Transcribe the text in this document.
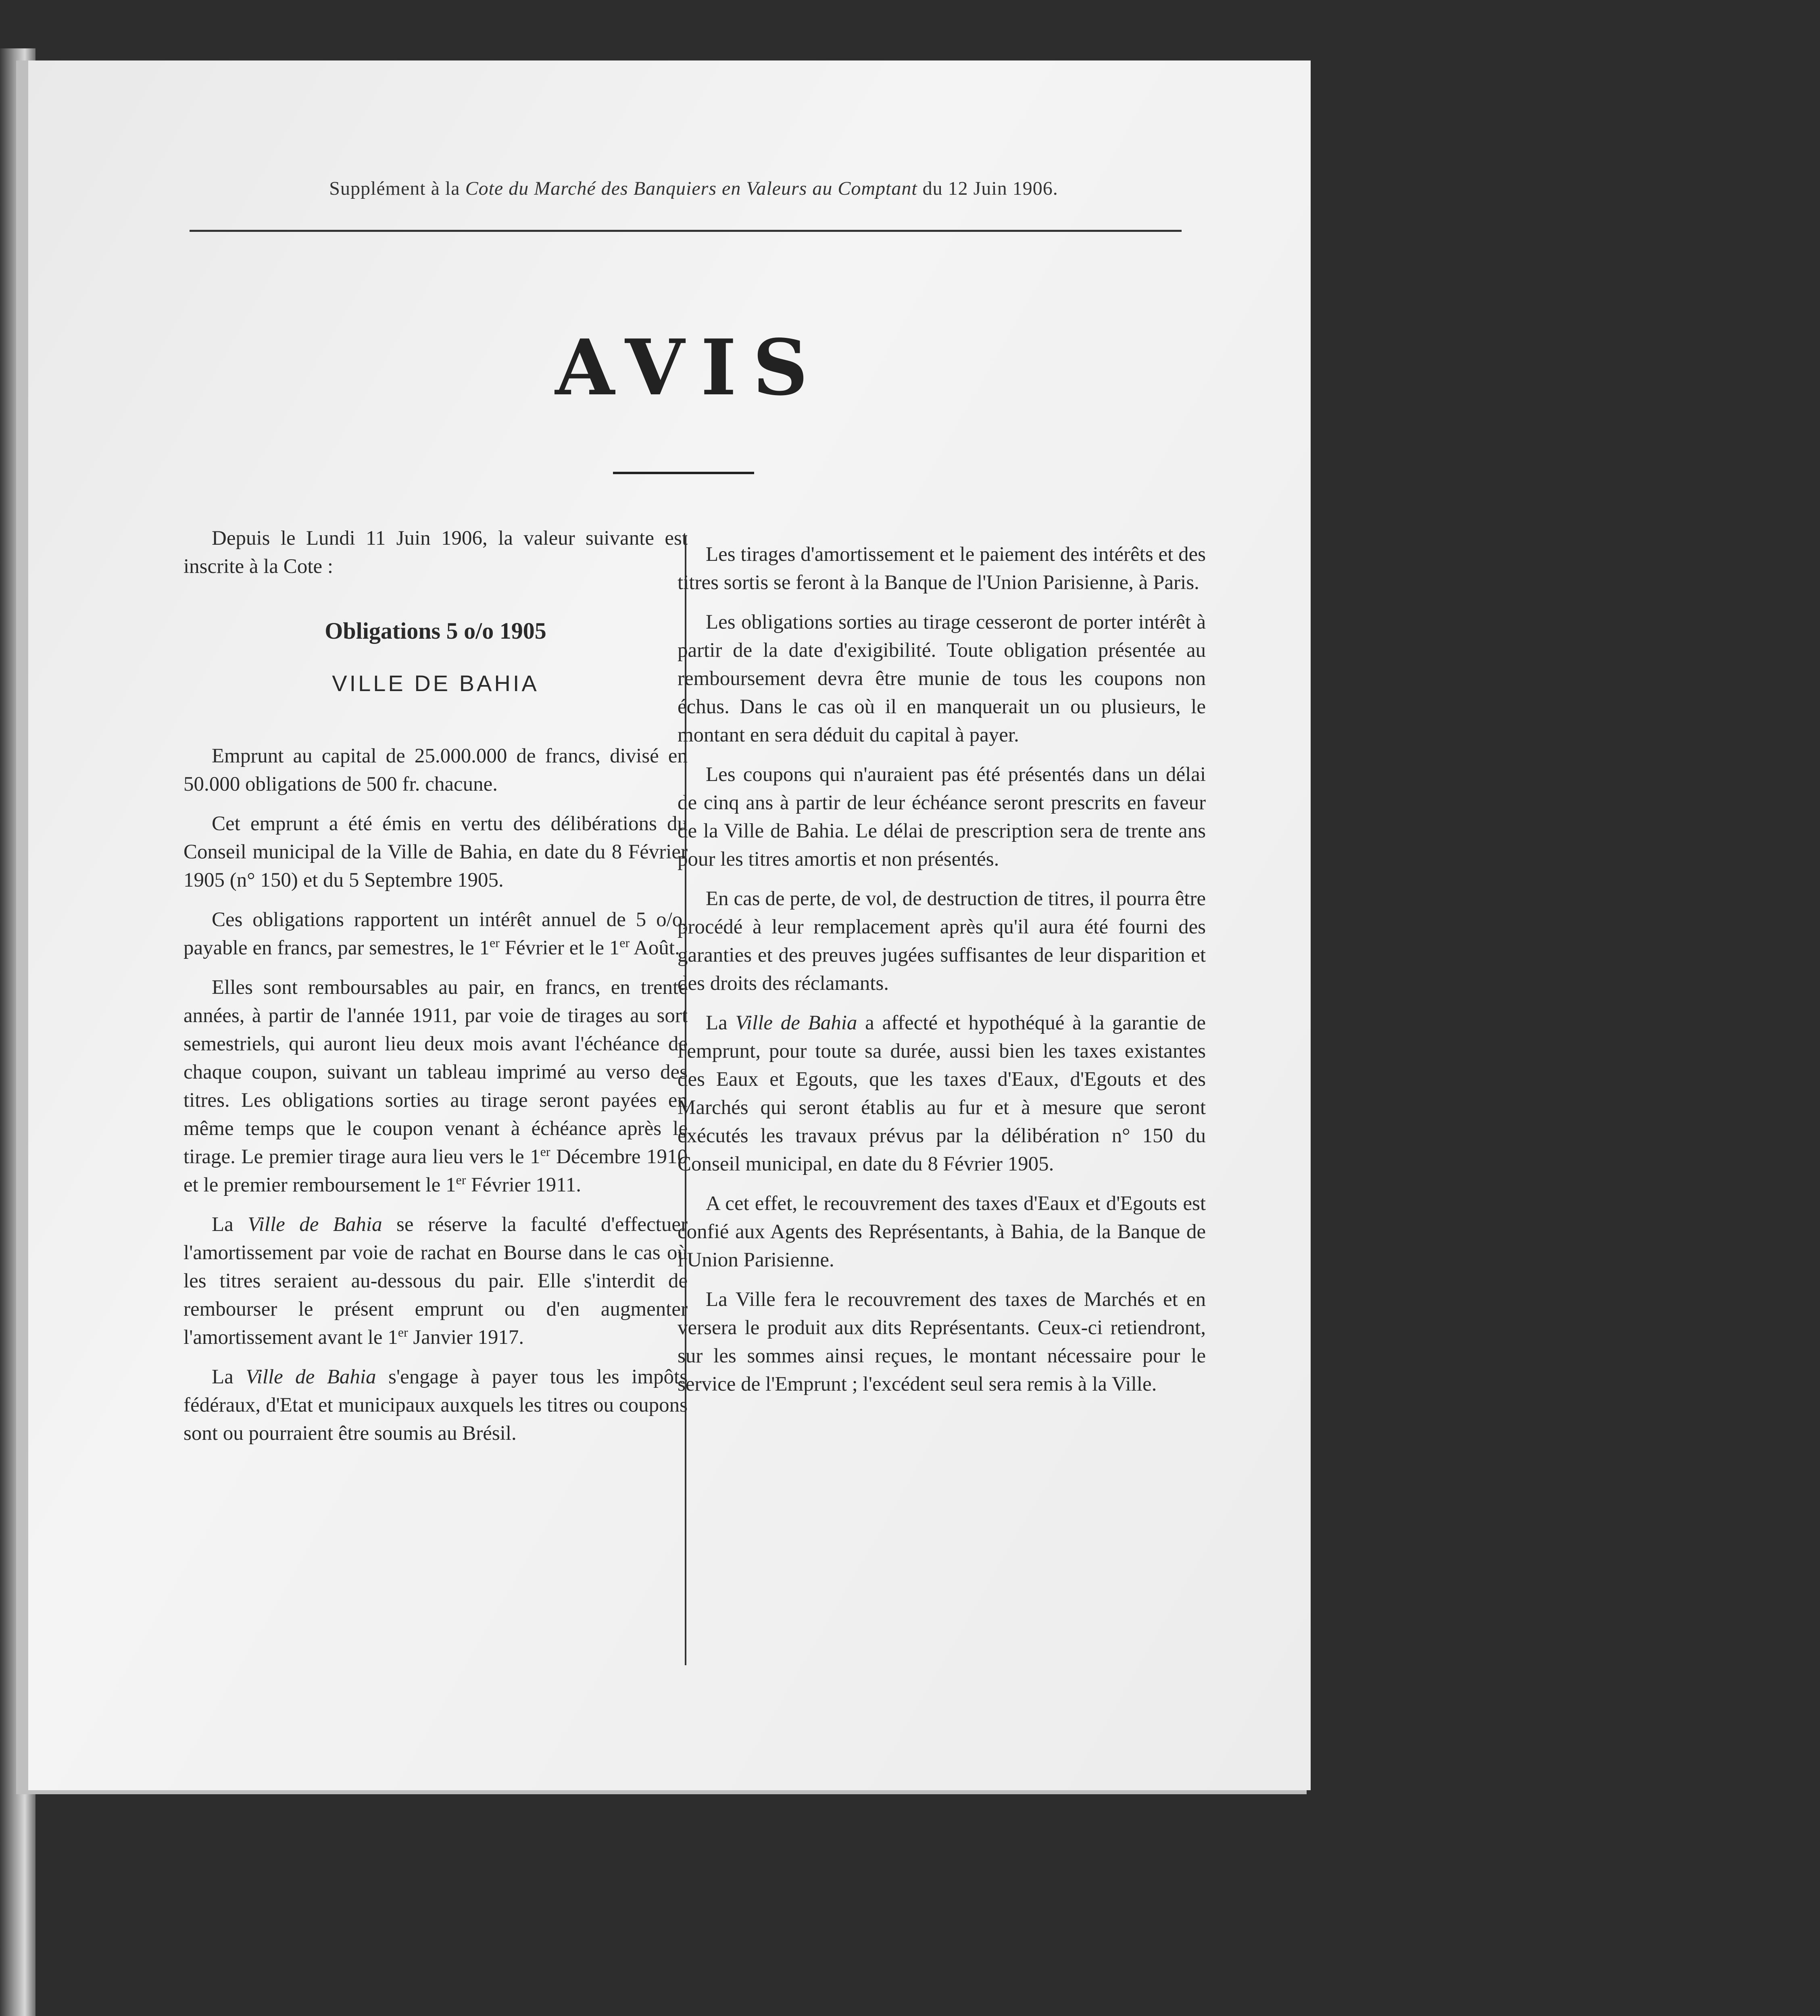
Supplément à la Cote du Marché des Banquiers en Valeurs au Comptant du 12 Juin 1906.
AVIS

Depuis le Lundi 11 Juin 1906, la valeur suivante est inscrite à la Cote :

Obligations 5 o/o 1905
VILLE DE BAHIA

Emprunt au capital de 25.000.000 de francs, divisé en 50.000 obligations de 500 fr. chacune.

Cet emprunt a été émis en vertu des délibérations du Conseil municipal de la Ville de Bahia, en date du 8 Février 1905 (n° 150) et du 5 Septembre 1905.

Ces obligations rapportent un intérêt annuel de 5 o/o, payable en francs, par semestres, le 1er Février et le 1er Août.

Elles sont remboursables au pair, en francs, en trente années, à partir de l'année 1911, par voie de tirages au sort semestriels, qui auront lieu deux mois avant l'échéance de chaque coupon, suivant un tableau imprimé au verso des titres. Les obligations sorties au tirage seront payées en même temps que le coupon venant à échéance après le tirage. Le premier tirage aura lieu vers le 1er Décembre 1910 et le premier remboursement le 1er Février 1911.

La Ville de Bahia se réserve la faculté d'effectuer l'amortissement par voie de rachat en Bourse dans le cas où les titres seraient au-dessous du pair. Elle s'interdit de rembourser le présent emprunt ou d'en augmenter l'amortissement avant le 1er Janvier 1917.

La Ville de Bahia s'engage à payer tous les impôts fédéraux, d'Etat et municipaux auxquels les titres ou coupons sont ou pourraient être soumis au Brésil.

Les tirages d'amortissement et le paiement des intérêts et des titres sortis se feront à la Banque de l'Union Parisienne, à Paris.

Les obligations sorties au tirage cesseront de porter intérêt à partir de la date d'exigibilité. Toute obligation présentée au remboursement devra être munie de tous les coupons non échus. Dans le cas où il en manquerait un ou plusieurs, le montant en sera déduit du capital à payer.

Les coupons qui n'auraient pas été présentés dans un délai de cinq ans à partir de leur échéance seront prescrits en faveur de la Ville de Bahia. Le délai de prescription sera de trente ans pour les titres amortis et non présentés.

En cas de perte, de vol, de destruction de titres, il pourra être procédé à leur remplacement après qu'il aura été fourni des garanties et des preuves jugées suffisantes de leur disparition et des droits des réclamants.

La Ville de Bahia a affecté et hypothéqué à la garantie de l'emprunt, pour toute sa durée, aussi bien les taxes existantes des Eaux et Egouts, que les taxes d'Eaux, d'Egouts et des Marchés qui seront établis au fur et à mesure que seront exécutés les travaux prévus par la délibération n° 150 du Conseil municipal, en date du 8 Février 1905.

A cet effet, le recouvrement des taxes d'Eaux et d'Egouts est confié aux Agents des Représentants, à Bahia, de la Banque de l'Union Parisienne.

La Ville fera le recouvrement des taxes de Marchés et en versera le produit aux dits Représentants. Ceux-ci retiendront, sur les sommes ainsi reçues, le montant nécessaire pour le service de l'Emprunt ; l'excédent seul sera remis à la Ville.
